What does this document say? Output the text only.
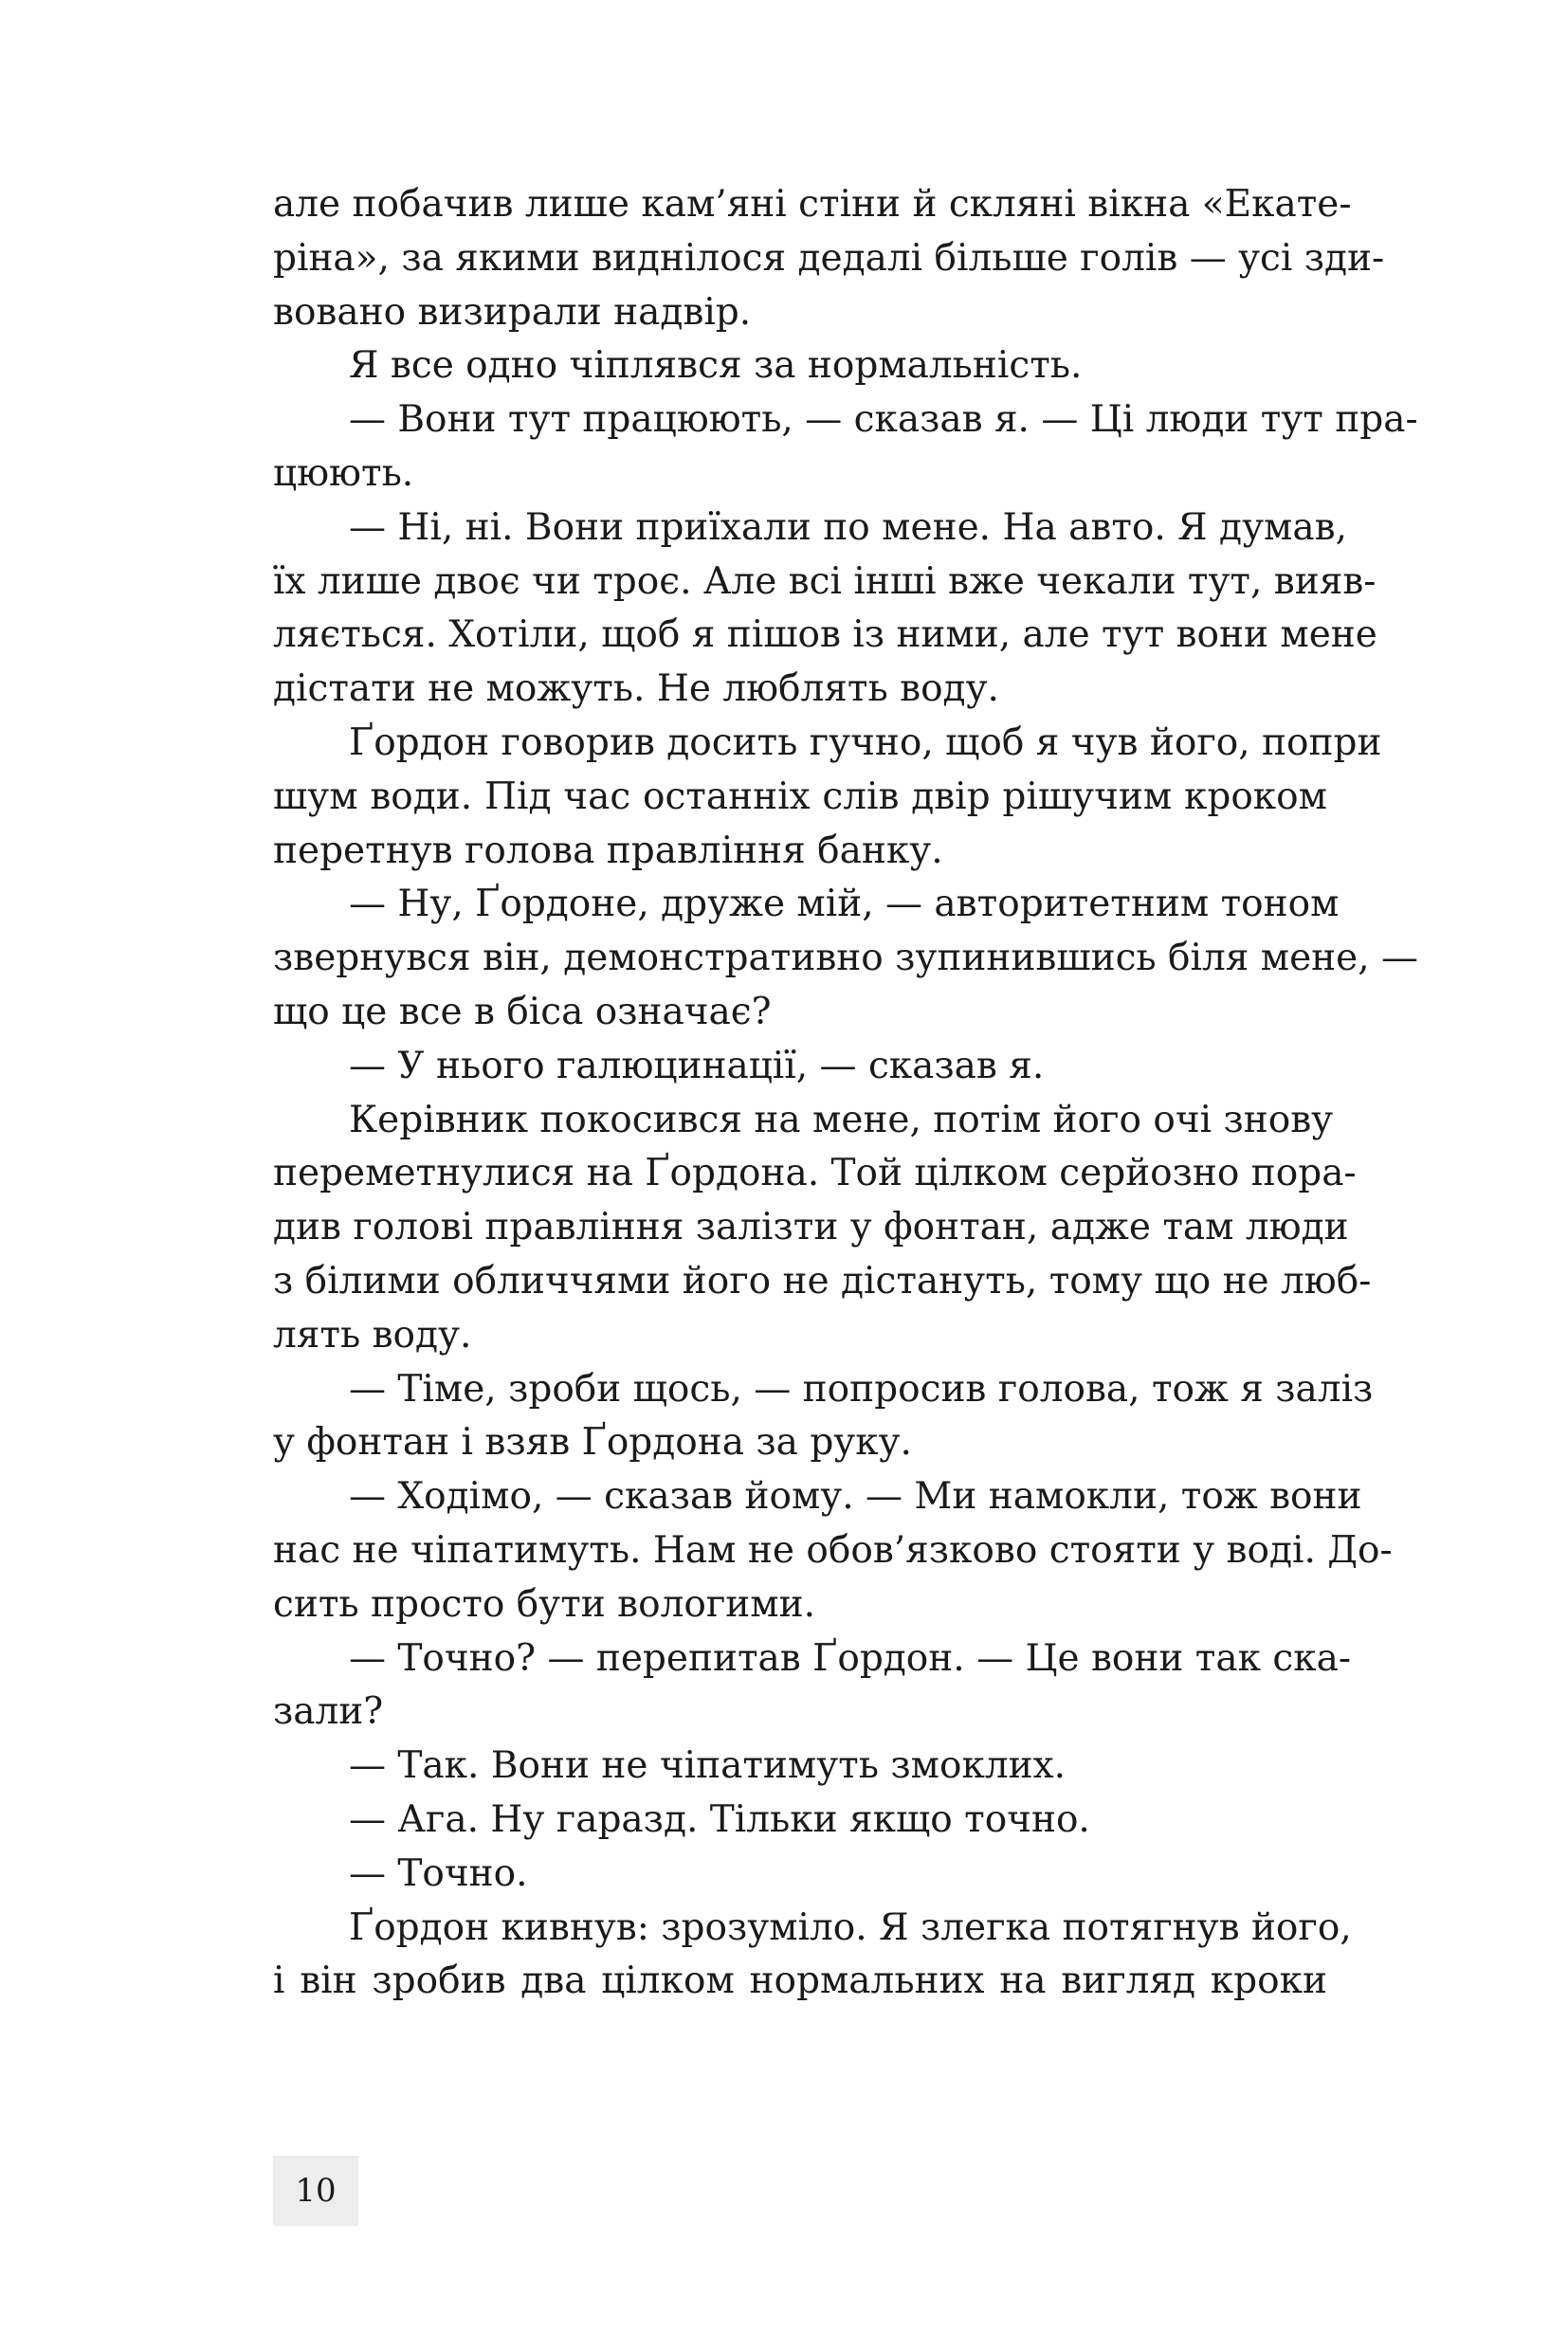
але побачив лише кам’яні стіни й скляні вікна «Екате-
ріна», за якими виднілося дедалі більше голів — усі зди-
вовано визирали надвір.
Я все одно чіплявся за нормальність.
— Вони тут працюють, — сказав я. — Ці люди тут пра-
цюють.
— Ні, ні. Вони приїхали по мене. На авто. Я думав,
їх лише двоє чи троє. Але всі інші вже чекали тут, вияв-
ляється. Хотіли, щоб я пішов із ними, але тут вони мене
дістати не можуть. Не люблять воду.
Ґордон говорив досить гучно, щоб я чув його, попри
шум води. Під час останніх слів двір рішучим кроком
перетнув голова правління банку.
— Ну, Ґордоне, друже мій, — авторитетним тоном
звернувся він, демонстративно зупинившись біля мене, —
що це все в біса означає?
— У нього галюцинації, — сказав я.
Керівник покосився на мене, потім його очі знову
переметнулися на Ґордона. Той цілком серйозно пора-
див голові правління залізти у фонтан, адже там люди
з білими обличчями його не дістануть, тому що не люб-
лять воду.
— Тіме, зроби щось, — попросив голова, тож я заліз
у фонтан і взяв Ґордона за руку.
— Ходімо, — сказав йому. — Ми намокли, тож вони
нас не чіпатимуть. Нам не обов’язково стояти у воді. До-
сить просто бути вологими.
— Точно? — перепитав Ґордон. — Це вони так ска-
зали?
— Так. Вони не чіпатимуть змоклих.
— Ага. Ну гаразд. Тільки якщо точно.
— Точно.
Ґордон кивнув: зрозуміло. Я злегка потягнув його,
і він зробив два цілком нормальних на вигляд кроки
10
